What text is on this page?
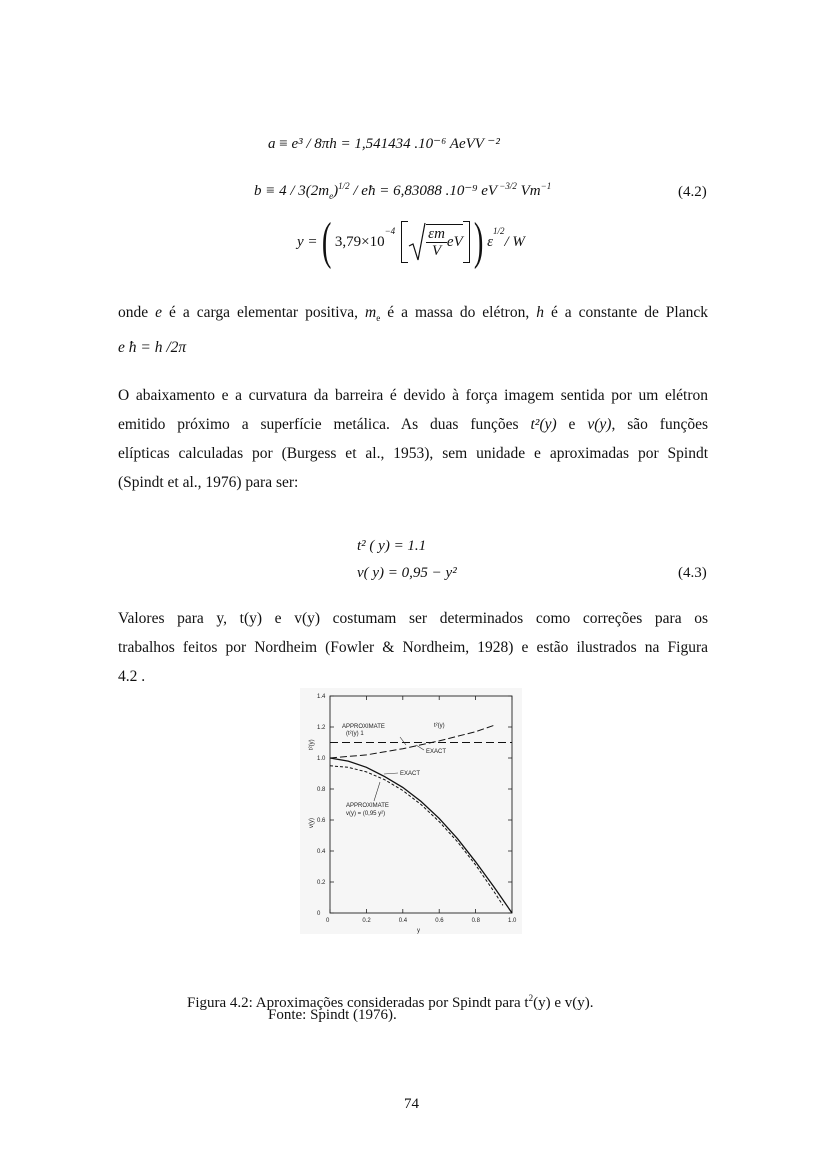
a ≡ e³ / 8πh = 1,541434 .10⁻⁶ AeVV ⁻²
$b \equiv 4 / 3(2m_e)^{1/2}$ / eħ = 6,83088 .10⁻⁹ eV $^{-3/2}$ $Vm^{-1}$	(4.2)
y = ( 3,79×10
$^{-4} \frac{\varepsilon m}{V}$ eV ) ε
$^{1/2}$
/ W
onde e é a carga elementar positiva, $m_e$ é a massa do elétron, h é a constante de Planck
e ħ = h /2π
O abaixamento e a curvatura da barreira é devido à força imagem sentida por um elétron
emitido próximo a superfície metálica. As duas funções t²(y) e v(y), são funções
elípticas calculadas por (Burgess et al., 1953), sem unidade e aproximadas por Spindt
(Spindt et al., 1976) para ser:
t² ( y) = 1.1
v( y) = 0,95 − y²	(4.3)
Valores para y, t(y) e v(y) costumam ser determinados como correções para os
trabalhos feitos por Nordheim (Fowler & Nordheim, 1928) e estão ilustrados na Figura
4.2 .
0	0.2	0.4	0.6	0.8	1.0
0
0.2
0.4
0.6
0.8
1.0
1.2
1.4
APPROXIMATE
(t²(y) 1
t²(y)
EXACT
EXACT
APPROXIMATE
v(y) = (0,95 y²)
y
t²(y)
v(y)
Figura 4.2: Aproximações consideradas por Spindt para $t^2(y)$ e v(y).
Fonte: Spindt (1976).
74
